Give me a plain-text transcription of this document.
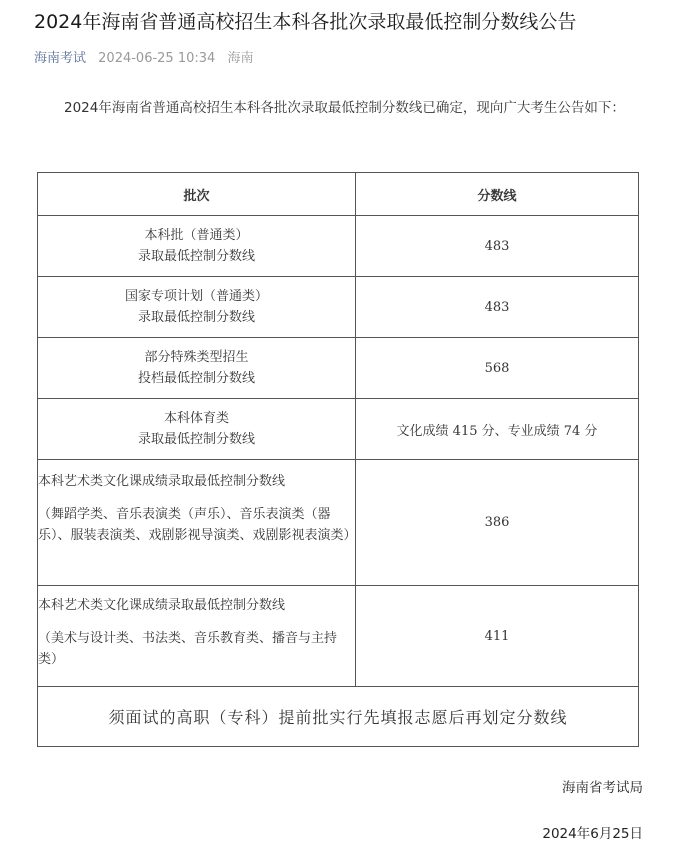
2024年海南省普通高校招生本科各批次录取最低控制分数线公告
海南考试 2024-06-25 10:34 海南
2024年海南省普通高校招生本科各批次录取最低控制分数线已确定，现向广大考生公告如下：
批次	分数线

本科批（普通类）
录取最低控制分数线	483

国家专项计划（普通类）
录取最低控制分数线	483

部分特殊类型招生
投档最低控制分数线	568

本科体育类
录取最低控制分数线	文化成绩 415 分、专业成绩 74 分

本科艺术类文化课成绩录取最低控制分数线
（舞蹈学类、音乐表演类（声乐）、音乐表演类（器乐）、服装表演类、戏剧影视导演类、戏剧影视表演类）	386

本科艺术类文化课成绩录取最低控制分数线
（美术与设计类、书法类、音乐教育类、播音与主持类）	411
须面试的高职（专科）提前批实行先填报志愿后再划定分数线	
海南省考试局
2024年6月25日
